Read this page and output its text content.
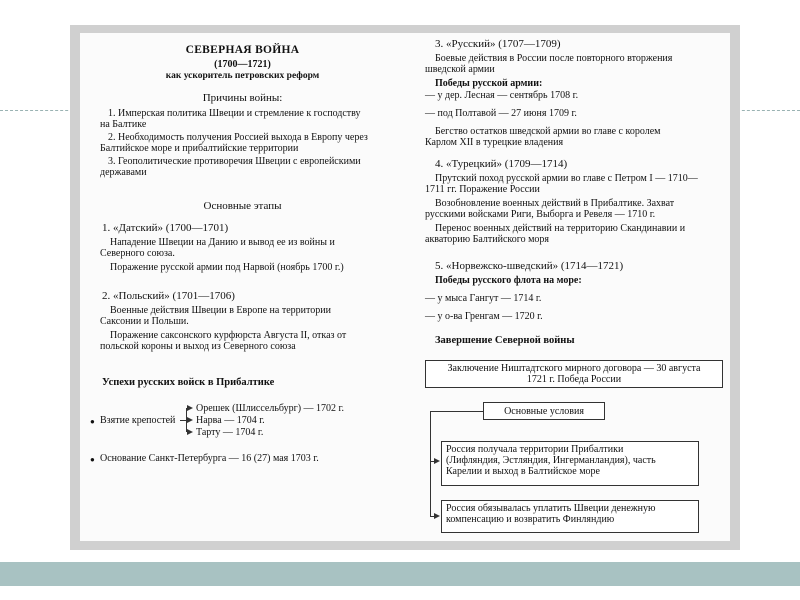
СЕВЕРНАЯ ВОЙНА
(1700—1721)
как ускоритель петровских реформ
Причины войны:
1. Имперская политика Швеции и стремление к господству
на Балтике
2. Необходимость получения Россией выхода в Европу через
Балтийское море и прибалтийские территории
3. Геополитические противоречия Швеции с европейскими
державами
Основные этапы
1. «Датский» (1700—1701)
Нападение Швеции на Данию и вывод ее из войны и
Северного союза.
Поражение русской армии под Нарвой (ноябрь 1700 г.)
2. «Польский» (1701—1706)
Военные действия Швеции в Европе на территории
Саксонии и Польши.
Поражение саксонского курфюрста Августа II, отказ от
польской короны и выход из Северного союза
Успехи русских войск в Прибалтике
● Взятие крепостей
Орешек (Шлиссельбург) — 1702 г.
Нарва — 1704 г.
Тарту — 1704 г.
● Основание Санкт-Петербурга — 16 (27) мая 1703 г.
3. «Русский» (1707—1709)
Боевые действия в России после повторного вторжения
шведской армии
Победы русской армии:
— у дер. Лесная — сентябрь 1708 г.
— под Полтавой — 27 июня 1709 г.
Бегство остатков шведской армии во главе с королем
Карлом XII в турецкие владения
4. «Турецкий» (1709—1714)
Прутский поход русской армии во главе с Петром I — 1710—
1711 гг. Поражение России
Возобновление военных действий в Прибалтике. Захват
русскими войсками Риги, Выборга и Ревеля — 1710 г.
Перенос военных действий на территорию Скандинавии и
акваторию Балтийского моря
5. «Норвежско-шведский» (1714—1721)
Победы русского флота на море:
— у мыса Гангут — 1714 г.
— у о-ва Гренгам — 1720 г.
Завершение Северной войны
Заключение Ништадтского мирного договора — 30 августа
1721 г. Победа России
Основные условия
Россия получала территории Прибалтики
(Лифляндия, Эстляндия, Ингерманландия), часть
Карелии и выход в Балтийское море
Россия обязывалась уплатить Швеции денежную
компенсацию и возвратить Финляндию
